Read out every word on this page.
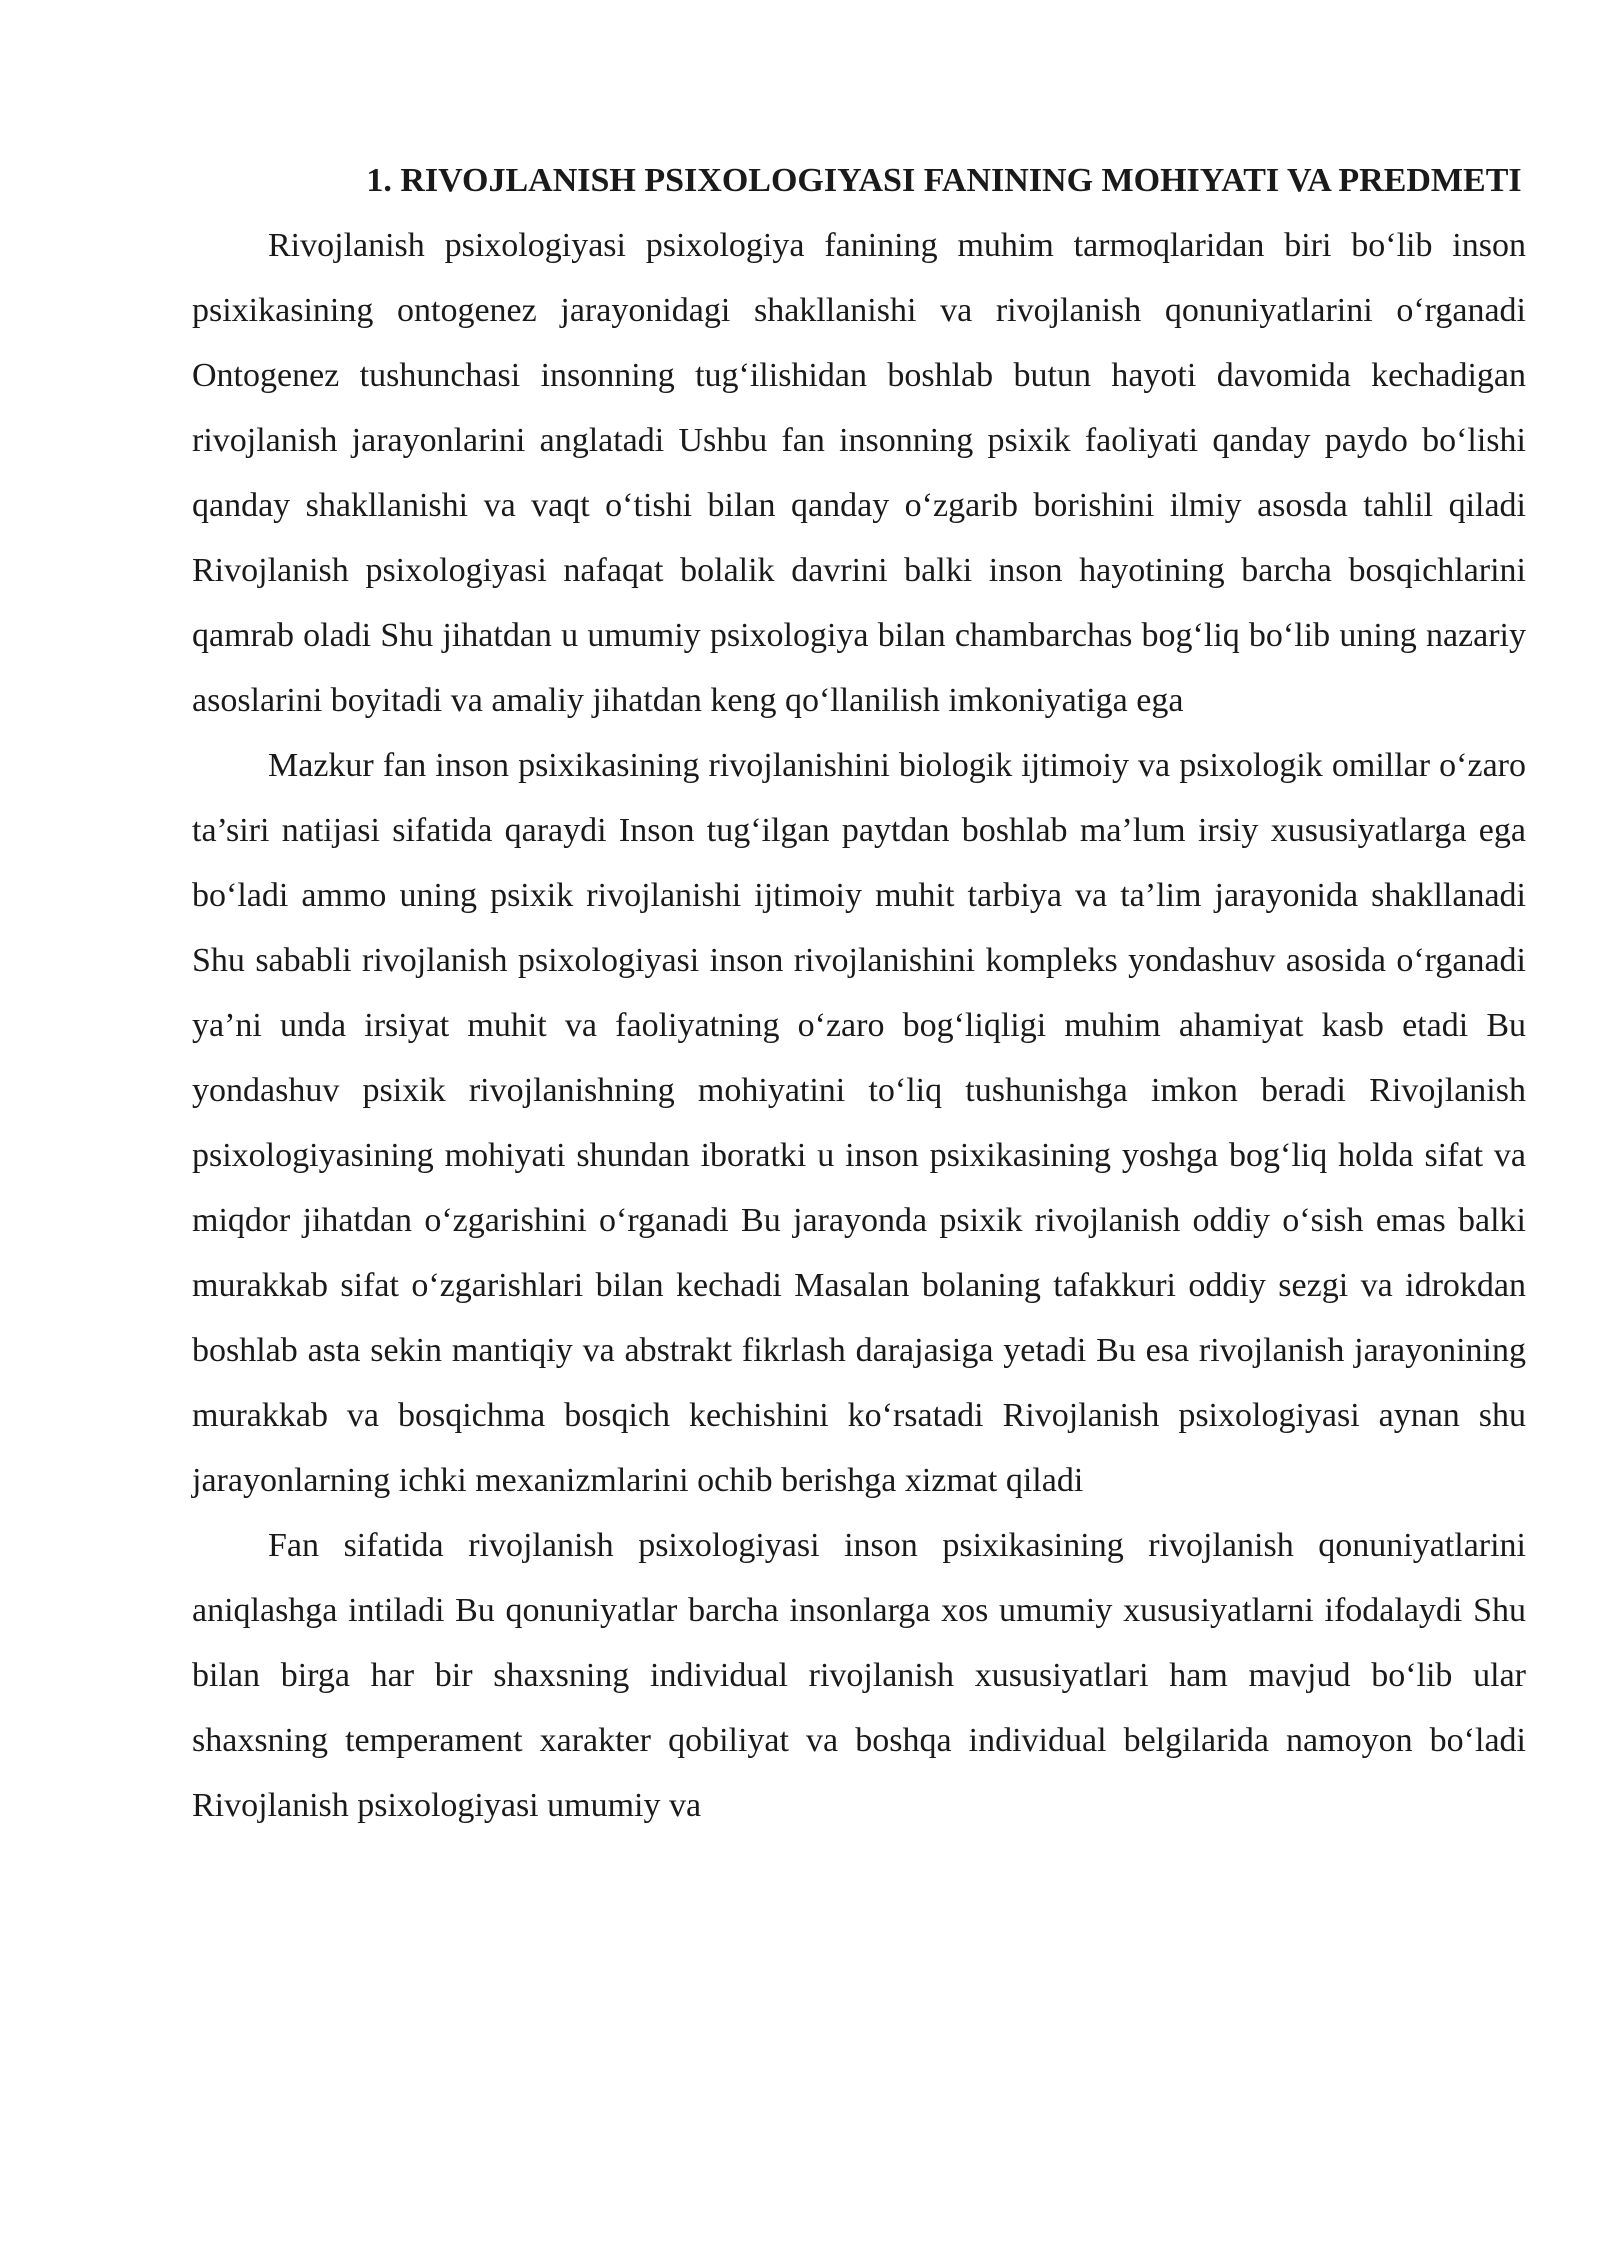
1. RIVOJLANISH PSIXOLOGIYASI FANINING MOHIYATI VA PREDMETI

Rivojlanish psixologiyasi psixologiya fanining muhim tarmoqlaridan biri bo‘lib inson psixikasining ontogenez jarayonidagi shakllanishi va rivojlanish qonuniyatlarini o‘rganadi Ontogenez tushunchasi insonning tug‘ilishidan boshlab butun hayoti davomida kechadigan rivojlanish jarayonlarini anglatadi Ushbu fan insonning psixik faoliyati qanday paydo bo‘lishi qanday shakllanishi va vaqt o‘tishi bilan qanday o‘zgarib borishini ilmiy asosda tahlil qiladi Rivojlanish psixologiyasi nafaqat bolalik davrini balki inson hayotining barcha bosqichlarini qamrab oladi Shu jihatdan u umumiy psixologiya bilan chambarchas bog‘liq bo‘lib uning nazariy asoslarini boyitadi va amaliy jihatdan keng qo‘llanilish imkoniyatiga ega

Mazkur fan inson psixikasining rivojlanishini biologik ijtimoiy va psixologik omillar o‘zaro ta’siri natijasi sifatida qaraydi Inson tug‘ilgan paytdan boshlab ma’lum irsiy xususiyatlarga ega bo‘ladi ammo uning psixik rivojlanishi ijtimoiy muhit tarbiya va ta’lim jarayonida shakllanadi Shu sababli rivojlanish psixologiyasi inson rivojlanishini kompleks yondashuv asosida o‘rganadi ya’ni unda irsiyat muhit va faoliyatning o‘zaro bog‘liqligi muhim ahamiyat kasb etadi Bu yondashuv psixik rivojlanishning mohiyatini to‘liq tushunishga imkon beradi Rivojlanish psixologiyasining mohiyati shundan iboratki u inson psixikasining yoshga bog‘liq holda sifat va miqdor jihatdan o‘zgarishini o‘rganadi Bu jarayonda psixik rivojlanish oddiy o‘sish emas balki murakkab sifat o‘zgarishlari bilan kechadi Masalan bolaning tafakkuri oddiy sezgi va idrokdan boshlab asta sekin mantiqiy va abstrakt fikrlash darajasiga yetadi Bu esa rivojlanish jarayonining murakkab va bosqichma bosqich kechishini ko‘rsatadi Rivojlanish psixologiyasi aynan shu jarayonlarning ichki mexanizmlarini ochib berishga xizmat qiladi

Fan sifatida rivojlanish psixologiyasi inson psixikasining rivojlanish qonuniyatlarini aniqlashga intiladi Bu qonuniyatlar barcha insonlarga xos umumiy xususiyatlarni ifodalaydi Shu bilan birga har bir shaxsning individual rivojlanish xususiyatlari ham mavjud bo‘lib ular shaxsning temperament xarakter qobiliyat va boshqa individual belgilarida namoyon bo‘ladi Rivojlanish psixologiyasi umumiy va
